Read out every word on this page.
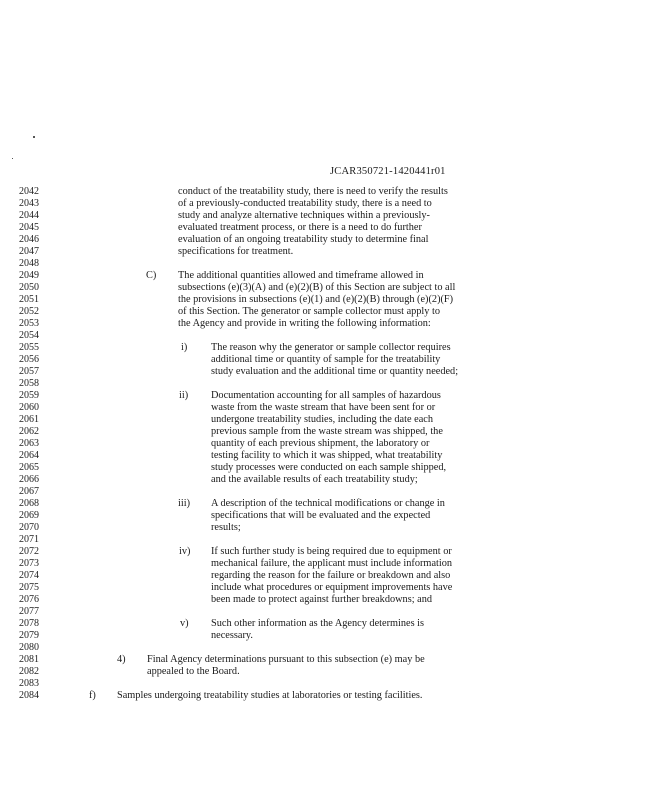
JCAR350721-1420441r01
2042
2043
2044
2045
2046
2047
2048
2049
2050
2051
2052
2053
2054
2055
2056
2057
2058
2059
2060
2061
2062
2063
2064
2065
2066
2067
2068
2069
2070
2071
2072
2073
2074
2075
2076
2077
2078
2079
2080
2081
2082
2083
2084
conduct of the treatability study, there is need to verify the results
of a previously-conducted treatability study, there is a need to
study and analyze alternative techniques within a previously-
evaluated treatment process, or there is a need to do further
evaluation of an ongoing treatability study to determine final
specifications for treatment.
C) The additional quantities allowed and timeframe allowed in
subsections (e)(3)(A) and (e)(2)(B) of this Section are subject to all
the provisions in subsections (e)(1) and (e)(2)(B) through (e)(2)(F)
of this Section. The generator or sample collector must apply to
the Agency and provide in writing the following information:
i) The reason why the generator or sample collector requires
additional time or quantity of sample for the treatability
study evaluation and the additional time or quantity needed;
ii) Documentation accounting for all samples of hazardous
waste from the waste stream that have been sent for or
undergone treatability studies, including the date each
previous sample from the waste stream was shipped, the
quantity of each previous shipment, the laboratory or
testing facility to which it was shipped, what treatability
study processes were conducted on each sample shipped,
and the available results of each treatability study;
iii) A description of the technical modifications or change in
specifications that will be evaluated and the expected
results;
iv) If such further study is being required due to equipment or
mechanical failure, the applicant must include information
regarding the reason for the failure or breakdown and also
include what procedures or equipment improvements have
been made to protect against further breakdowns; and
v) Such other information as the Agency determines is
necessary.
4) Final Agency determinations pursuant to this subsection (e) may be
appealed to the Board.
f) Samples undergoing treatability studies at laboratories or testing facilities.
